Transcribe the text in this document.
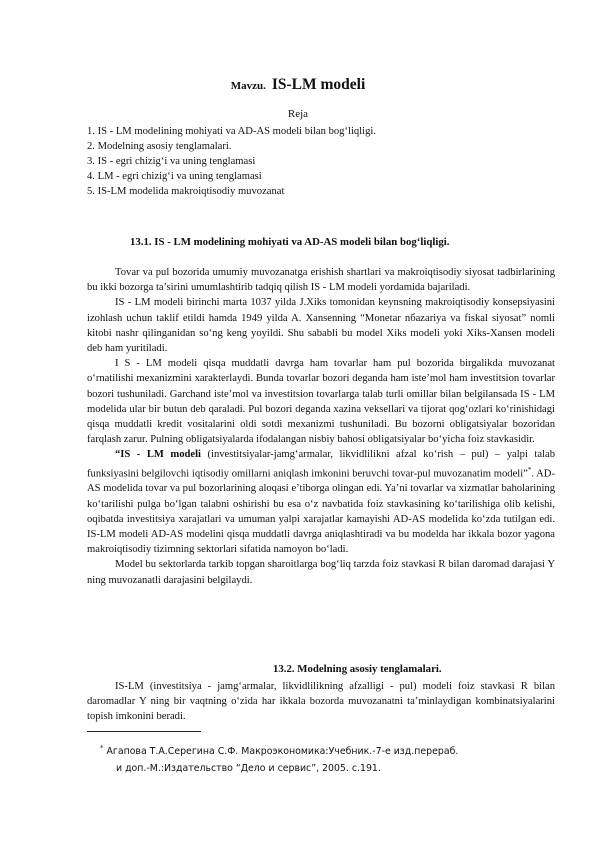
Mavzu. IS-LM modeli
Reja
1. IS - LM modelining mohiyati va AD-AS modeli bilan bog‘liqligi.
2. Modelning asosiy tenglamalari.
3. IS - egri chizig‘i va uning tenglamasi
4. LM - egri chizig‘i va uning tenglamasi
5. IS-LM modelida makroiqtisodiy muvozanat
13.1. IS - LM modelining mohiyati va AD-AS modeli bilan bog‘liqligi.

Tovar va pul bozorida umumiy muvozanatga erishish shartlari va makroiqtisodiy siyosat tadbirlarining bu ikki bozorga ta’sirini umumlashtirib tadqiq qilish IS - LM modeli yordamida bajariladi.

IS - LM modeli birinchi marta 1037 yilda J.Xiks tomonidan keynsning makroiqtisodiy konsepsiyasini izohlash uchun taklif etildi hamda 1949 yilda A. Xansenning “Monetar nбazariya va fiskal siyosat” nomli kitobi nashr qilinganidan so‘ng keng yoyildi. Shu sababli bu model Xiks modeli yoki Xiks-Xansen modeli deb ham yuritiladi.

I S - LM modeli qisqa muddatli davrga ham tovarlar ham pul bozorida birgalikda muvozanat o‘rnatilishi mexanizmini xarakterlaydi. Bunda tovarlar bozori deganda ham iste’mol ham investitsion tovarlar bozori tushuniladi. Garchand iste’mol va investitsion tovarlarga talab turli omillar bilan belgilansada IS - LM modelida ular bir butun deb qaraladi. Pul bozori deganda xazina veksellari va tijorat qog‘ozlari ko‘rinishidagi qisqa muddatli kredit vositalarini oldi sotdi mexanizmi tushuniladi. Bu bozorni obligatsiyalar bozoridan farqlash zarur. Pulning obligatsiyalarda ifodalangan nisbiy bahosi obligatsiyalar bo‘yicha foiz stavkasidir.

“IS - LM modeli (investitsiyalar-jamg‘armalar, likvidlilikni afzal ko‘rish – pul) – yalpi talab funksiyasini belgilovchi iqtisodiy omillarni aniqlash imkonini beruvchi tovar-pul muvozanatim modeli”*. AD-AS modelida tovar va pul bozorlarining aloqasi e’tiborga olingan edi. Ya’ni tovarlar va xizmatlar baholarining ko‘tarilishi pulga bo‘lgan talabni oshirishi bu esa o‘z navbatida foiz stavkasining ko‘tarilishiga olib kelishi, oqibatda investitsiya xarajatlari va umuman yalpi xarajatlar kamayishi AD-AS modelida ko‘zda tutilgan edi. IS-LM modeli AD-AS modelini qisqa muddatli davrga aniqlashtiradi va bu modelda har ikkala bozor yagona makroiqtisodiy tizimning sektorlari sifatida namoyon bo‘ladi.

Model bu sektorlarda tarkib topgan sharoitlarga bog‘liq tarzda foiz stavkasi R bilan daromad darajasi Y ning muvozanatli darajasini belgilaydi.

13.2. Modelning asosiy tenglamalari.

IS-LM (investitsiya - jamg‘armalar, likvidlilikning afzalligi - pul) modeli foiz stavkasi R bilan daromadlar Y ning bir vaqtning o‘zida har ikkala bozorda muvozanatni ta’minlaydigan kombinatsiyalarini topish imkonini beradi.

* Агапова Т.А.Серегина С.Ф. Макроэкономика:Учебник.-7-е изд.перераб.
и доп.-М.:Издательство “Дело и сервис”, 2005. с.191.
